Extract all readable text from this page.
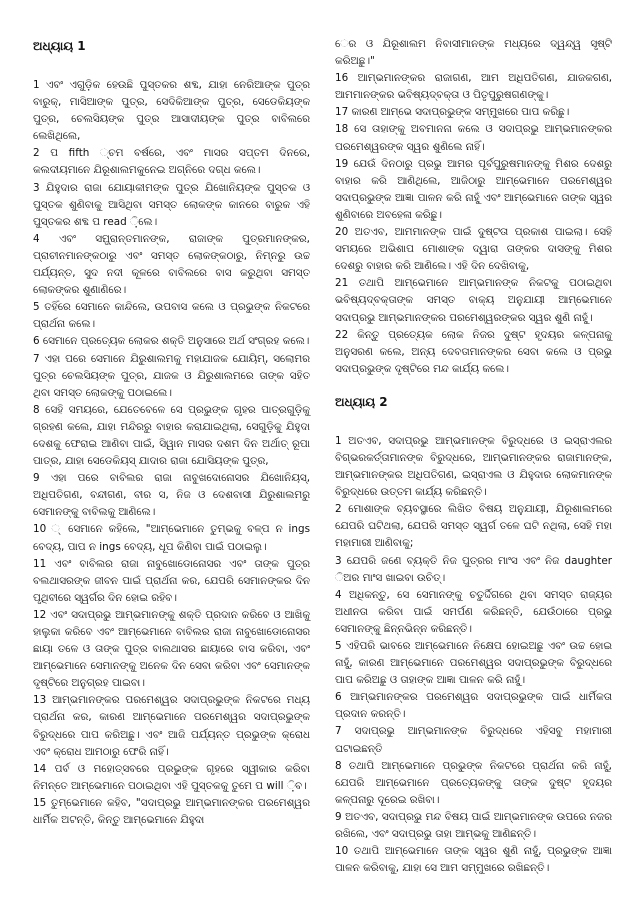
ଅଧ୍ୟାୟ 1

1 ଏବଂ ଏଗୁଡ଼ିକ ହେଉଛି ପୁସ୍ତକର ଶବ୍ଦ, ଯାହା ନେରିଆଙ୍କ ପୁତ୍ର ବାରୁକ୍, ମାସିଆଙ୍କ ପୁତ୍ର, ସେଦିକିଆଙ୍କ ପୁତ୍ର, ସେଡେକିୟଙ୍କ ପୁତ୍ର, ଚେଲସିୟଙ୍କ ପୁତ୍ର ଆସାଦୀୟଙ୍କ ପୁତ୍ର ବାବିଲରେ ଲେଖିଥିଲେ,

2 ପ fifth ୍ଚମ ବର୍ଷରେ, ଏବଂ ମାସର ସପ୍ତମ ଦିନରେ, କଲଦୀୟମାନେ ଯିରୂଶାଲମକୁନେଇ ଅଗ୍ନିରେ ଦଗ୍ଧ କଲେ।

3 ଯିହୁଦାର ରାଜା ଯୋୟାକୀମଙ୍କ ପୁତ୍ର ଯିଖୋନିୟଙ୍କ ପୁସ୍ତକ ଓ ପୁସ୍ତକ ଶୁଣିବାକୁ ଆସିଥିବା ସମସ୍ତ ଲୋକଙ୍କ କାନରେ ବାରୁକ ଏହି ପୁସ୍ତକର ଶବ୍ଦ ପ read ଼ିଲେ।

4 ଏବଂ ସମ୍ଭ୍ରାନ୍ତମାନଙ୍କ, ରାଜାଙ୍କ ପୁତ୍ରମାନଙ୍କର, ପ୍ରାଚୀନମାନଙ୍କଠାରୁ ଏବଂ ସମସ୍ତ ଲୋକଙ୍କଠାରୁ, ନିମ୍ନରୁ ଉଚ୍ଚ ପର୍ଯ୍ୟନ୍ତ, ସୁଦ ନଦୀ କୂଳରେ ବାବିଲରେ ବାସ କରୁଥିବା ସମସ୍ତ ଲୋକଙ୍କର ଶୁଣାଣିରେ।

5 ତହିଁରେ ସେମାନେ କାନ୍ଦିଲେ, ଉପବାସ କଲେ ଓ ପ୍ରଭୁଙ୍କ ନିକଟରେ ପ୍ରାର୍ଥନା କଲେ।

6 ସେମାନେ ପ୍ରତ୍ୟେକ ଲୋକର ଶକ୍ତି ଅନୁସାରେ ଅର୍ଥ ସଂଗ୍ରହ କଲେ।

7 ଏହା ପରେ ସେମାନେ ଯିରୁଶାଲମକୁ ମହାଯାଜକ ଯୋୟିମ୍, ସଲୋମର ପୁତ୍ର ଚେଲସିୟଙ୍କ ପୁତ୍ର, ଯାଜକ ଓ ଯିରୁଶାଲମରେ ତାଙ୍କ ସହିତ ଥିବା ସମସ୍ତ ଲୋକଙ୍କୁ ପଠାଇଲେ।

8 ସେହି ସମୟରେ, ଯେତେବେଳେ ସେ ପ୍ରଭୁଙ୍କ ଗୃହର ପାତ୍ରଗୁଡ଼ିକୁ ଗ୍ରହଣ କଲେ, ଯାହା ମନ୍ଦିରରୁ ବାହାର କରାଯାଇଥିଲା, ସେଗୁଡ଼ିକୁ ଯିହୁଦା ଦେଶକୁ ଫେରାଇ ଆଣିବା ପାଇଁ, ସିୱାନ ମାସର ଦଶମ ଦିନ ଅର୍ଥାତ୍ ରୂପା ପାତ୍ର, ଯାହା ସେଡେକିୟସ୍ ଯାଦାର ରାଜା ଯୋସିୟଙ୍କ ପୁତ୍ର,

9 ଏହା ପରେ ବାବିଲର ରାଜା ନାବୁଖଦୋନୋସର ଯିଖୋନିୟସ୍, ଅଧିପତିଗଣ, ବନ୍ଦୀଗଣ, ବୀର ସ, ନିଜ ଓ ଦେଶବାସୀ ଯିରୁଶାଲମରୁ ସେମାନଙ୍କୁ ବାବିଲକୁ ଆଣିଲେ।

10 ୍ ସେମାନେ କହିଲେ, "ଆମ୍ଭେମାନେ ତୁମ୍ଭକୁ ବଳ୍ପ ନ ings ବେଦ୍ୟ, ପାପ ନ ings ବେଦ୍ୟ, ଧୂପ କିଣିବା ପାଇଁ ପଠାଇଲୁ।

11 ଏବଂ ବାବିଲର ରାଜା ନାବୁଖୋଡୋନୋସର ଏବଂ ତାଙ୍କ ପୁତ୍ର ବଲଥାସରଙ୍କ ଜୀବନ ପାଇଁ ପ୍ରାର୍ଥନା କର, ଯେପରି ସେମାନଙ୍କର ଦିନ ପୃଥିବୀରେ ସ୍ୱର୍ଗର ଦିନ ହୋଇ ରହିବ।

12 ଏବଂ ସଦାପ୍ରଭୁ ଆମ୍ଭମାନଙ୍କୁ ଶକ୍ତି ପ୍ରଦାନ କରିବେ ଓ ଆଖିକୁ ହାଲୁକା କରିବେ ଏବଂ ଆମ୍ଭେମାନେ ବାବିଲର ରାଜା ନାବୁଖୋଡୋନୋସର ଛାୟା ତଳେ ଓ ତାଙ୍କ ପୁତ୍ର ବାଲଥାସର ଛାୟାରେ ବାସ କରିବା, ଏବଂ ଆମ୍ଭେମାନେ ସେମାନଙ୍କୁ ଅନେକ ଦିନ ସେବା କରିବା ଏବଂ ସେମାନଙ୍କ ଦୃଷ୍ଟିରେ ଅନୁଗ୍ରହ ପାଇବା।

13 ଆମ୍ଭମାନଙ୍କର ପରମେଶ୍ୱର ସଦାପ୍ରଭୁଙ୍କ ନିକଟରେ ମଧ୍ୟ ପ୍ରାର୍ଥନା କର, କାରଣ ଆମ୍ଭେମାନେ ପରମେଶ୍ୱର ସଦାପ୍ରଭୁଙ୍କ ବିରୁଦ୍ଧରେ ପାପ କରିଅଛୁ। ଏବଂ ଆଜି ପର୍ଯ୍ୟନ୍ତ ପ୍ରଭୁଙ୍କ କ୍ରୋଧ ଏବଂ କ୍ରୋଧ ଆମଠାରୁ ଫେରି ନାହିଁ।

14 ପର୍ବ ଓ ମହୋତ୍ସବରେ ପ୍ରଭୁଙ୍କ ଗୃହରେ ସ୍ୱୀକାର କରିବା ନିମନ୍ତେ ଆମ୍ଭେମାନେ ପଠାଇଥିବା ଏହି ପୁସ୍ତକକୁ ତୁମେ ପ will ଼ିବ।

15 ତୁମ୍ଭେମାନେ କହିବ, "ସଦାପ୍ରଭୁ ଆମ୍ଭମାନଙ୍କର ପରମେଶ୍ୱର ଧାର୍ମିକ ଅଟନ୍ତି, କିନ୍ତୁ ଆମ୍ଭେମାନେ ଯିହୁଦା

େର ଓ ଯିରୂଶାଲମ ନିବାସୀମାନଙ୍କ ମଧ୍ୟରେ ଦ୍ୱନ୍ଦ୍ୱ ସୃଷ୍ଟି କରିଅଛୁ।"

16 ଆମ୍ଭମାନଙ୍କର ରାଜାଗଣ, ଆମ ଅଧିପତିଗଣ, ଯାଜକଗଣ, ଆମମାନଙ୍କର ଭବିଷ୍ୟଦ୍‌ବକ୍ତା ଓ ପିତୃପୁରୁଷଗଣଙ୍କୁ।

17 କାରଣ ଆମ୍ଭେ ସଦାପ୍ରଭୁଙ୍କ ସମ୍ମୁଖରେ ପାପ କରିଛୁ।

18 ସେ ତାହାଙ୍କୁ ଅବମାନନା କଲେ ଓ ସଦାପ୍ରଭୁ ଆମ୍ଭମାନଙ୍କର ପରମେଶ୍ୱରଙ୍କ ସ୍ୱର ଶୁଣିଲେ ନାହିଁ।

19 ଯେଉଁ ଦିନଠାରୁ ପ୍ରଭୁ ଆମର ପୂର୍ବପୁରୁଷମାନଙ୍କୁ ମିଶର ଦେଶରୁ ବାହାର କରି ଆଣିଥିଲେ, ଆଜିଠାରୁ ଆମ୍ଭେମାନେ ପରମେଶ୍ୱର ସଦାପ୍ରଭୁଙ୍କ ଆଜ୍ଞା ପାଳନ କରି ନାହୁଁ ଏବଂ ଆମ୍ଭେମାନେ ତାଙ୍କ ସ୍ୱର ଶୁଣିବାରେ ଅବହେଳା କରିଛୁ।

20 ଅତଏବ, ଆମମାନଙ୍କ ପାଇଁ ଦୁଷ୍ଟତା ପ୍ରକାଶ ପାଇଲା। ସେହି ସମୟରେ ଅଭିଶାପ ମୋଶାଙ୍କ ଦ୍ୱାରା ତାଙ୍କର ଦାସଙ୍କୁ ମିଶର ଦେଶରୁ ବାହାର କରି ଆଣିଲେ। ଏହି ଦିନ ଦେଖିବାକୁ,

21 ତଥାପି ଆମ୍ଭେମାନେ ଆମ୍ଭମାନଙ୍କ ନିକଟକୁ ପଠାଇଥିବା ଭବିଷ୍ୟଦ୍‌ବକ୍ତାଙ୍କ ସମସ୍ତ ବାକ୍ୟ ଅନୁଯାୟୀ ଆମ୍ଭେମାନେ ସଦାପ୍ରଭୁ ଆମ୍ଭମାନଙ୍କର ପରମେଶ୍ୱରଙ୍କର ସ୍ୱର ଶୁଣି ନାହୁଁ।

22 କିନ୍ତୁ ପ୍ରତ୍ୟେକ ଲୋକ ନିଜର ଦୁଷ୍ଟ ହୃଦୟର କଳ୍ପନାକୁ ଅନୁସରଣ କଲେ, ଅନ୍ୟ ଦେବତାମାନଙ୍କର ସେବା କଲେ ଓ ପ୍ରଭୁ ସଦାପ୍ରଭୁଙ୍କ ଦୃଷ୍ଟିରେ ମନ୍ଦ କାର୍ଯ୍ୟ କଲେ।

ଅଧ୍ୟାୟ 2

1 ଅତଏବ, ସଦାପ୍ରଭୁ ଆମ୍ଭମାନଙ୍କ ବିରୁଦ୍ଧରେ ଓ ଇସ୍ରାଏଲର ବିଗ୍ଭରକର୍ତ୍ତାମାନଙ୍କ ବିରୁଦ୍ଧରେ, ଆମ୍ଭମାନଙ୍କର ରାଜାମାନଙ୍କ, ଆମ୍ଭମାନଙ୍କର ଅଧିପତିଗଣ, ଇସ୍ରାଏଲ ଓ ଯିହୁଦାର ଲୋକମାନଙ୍କ ବିରୁଦ୍ଧରେ ଉତ୍ତମ କାର୍ଯ୍ୟ କରିଛନ୍ତି।

2 ମୋଶାଙ୍କ ବ୍ୟବସ୍ଥାରେ ଲିଖିତ ବିଷୟ ଅନୁଯାୟୀ, ଯିରୂଶାଲମରେ ଯେପରି ଘଟିଥଲା, ଯେପରି ସମସ୍ତ ସ୍ୱର୍ଗ ତଳେ ଘଟି ନଥିଲା, ସେହି ମହା ମହାମାରୀ ଆଣିବାକୁ;

3 ଯେପରି ଜଣେ ବ୍ୟକ୍ତି ନିଜ ପୁତ୍ରର ମାଂସ ଏବଂ ନିଜ daughter ିଅର ମାଂସ ଖାଇବା ଉଚିତ୍।

4 ଅଧିକନ୍ତୁ, ସେ ସେମାନଙ୍କୁ ଚତୁର୍ଦ୍ଦିଗରେ ଥିବା ସମସ୍ତ ରାଜ୍ୟର ଅଧୀନତା କରିବା ପାଇଁ ସମର୍ପଣ କରିଛନ୍ତି, ଯେଉଁଠାରେ ପ୍ରଭୁ ସେମାନଙ୍କୁ ଛିନ୍ନଭିନ୍ନ କରିଛନ୍ତି।

5 ଏହିପରି ଭାବରେ ଆମ୍ଭେମାନେ ନିକ୍ଷେପ ହୋଇଅଛୁ ଏବଂ ଉଚ୍ଚ ହୋଇ ନାହୁଁ, କାରଣ ଆମ୍ଭେମାନେ ପରମେଶ୍ୱର ସଦାପ୍ରଭୁଙ୍କ ବିରୁଦ୍ଧରେ ପାପ କରିଅଛୁ ଓ ତାହାଙ୍କ ଆଜ୍ଞା ପାଳନ କରି ନାହୁଁ।

6 ଆମ୍ଭମାନଙ୍କର ପରମେଶ୍ୱର ସଦାପ୍ରଭୁଙ୍କ ପାଇଁ ଧାର୍ମିକତା ପ୍ରଦାନ କରନ୍ତି।

7 ସଦାପ୍ରଭୁ ଆମ୍ଭମାନଙ୍କ ବିରୁଦ୍ଧରେ ଏହିସବୁ ମହାମାରୀ ଘଟାଇଛନ୍ତି

8 ତଥାପି ଆମ୍ଭେମାନେ ପ୍ରଭୁଙ୍କ ନିକଟରେ ପ୍ରାର୍ଥନା କରି ନାହୁଁ, ଯେପରି ଆମ୍ଭେମାନେ ପ୍ରତ୍ୟେକଙ୍କୁ ତାଙ୍କ ଦୁଷ୍ଟ ହୃଦୟର କଳ୍ପନାରୁ ଦୂରେଇ ରଖିବା।

9 ଅତଏବ, ସଦାପ୍ରଭୁ ମନ୍ଦ ବିଷୟ ପାଇଁ ଆମ୍ଭମାନଙ୍କ ଉପରେ ନଜର ରଖିଲେ, ଏବଂ ସଦାପ୍ରଭୁ ତାହା ଆମ୍ଭକୁ ଆଣିଛନ୍ତି।

10 ତଥାପି ଆମ୍ଭେମାନେ ତାଙ୍କ ସ୍ୱର ଶୁଣି ନାହୁଁ, ପ୍ରଭୁଙ୍କ ଆଜ୍ଞା ପାଳନ କରିବାକୁ, ଯାହା ସେ ଆମ ସମ୍ମୁଖରେ ରଖିଛନ୍ତି।
